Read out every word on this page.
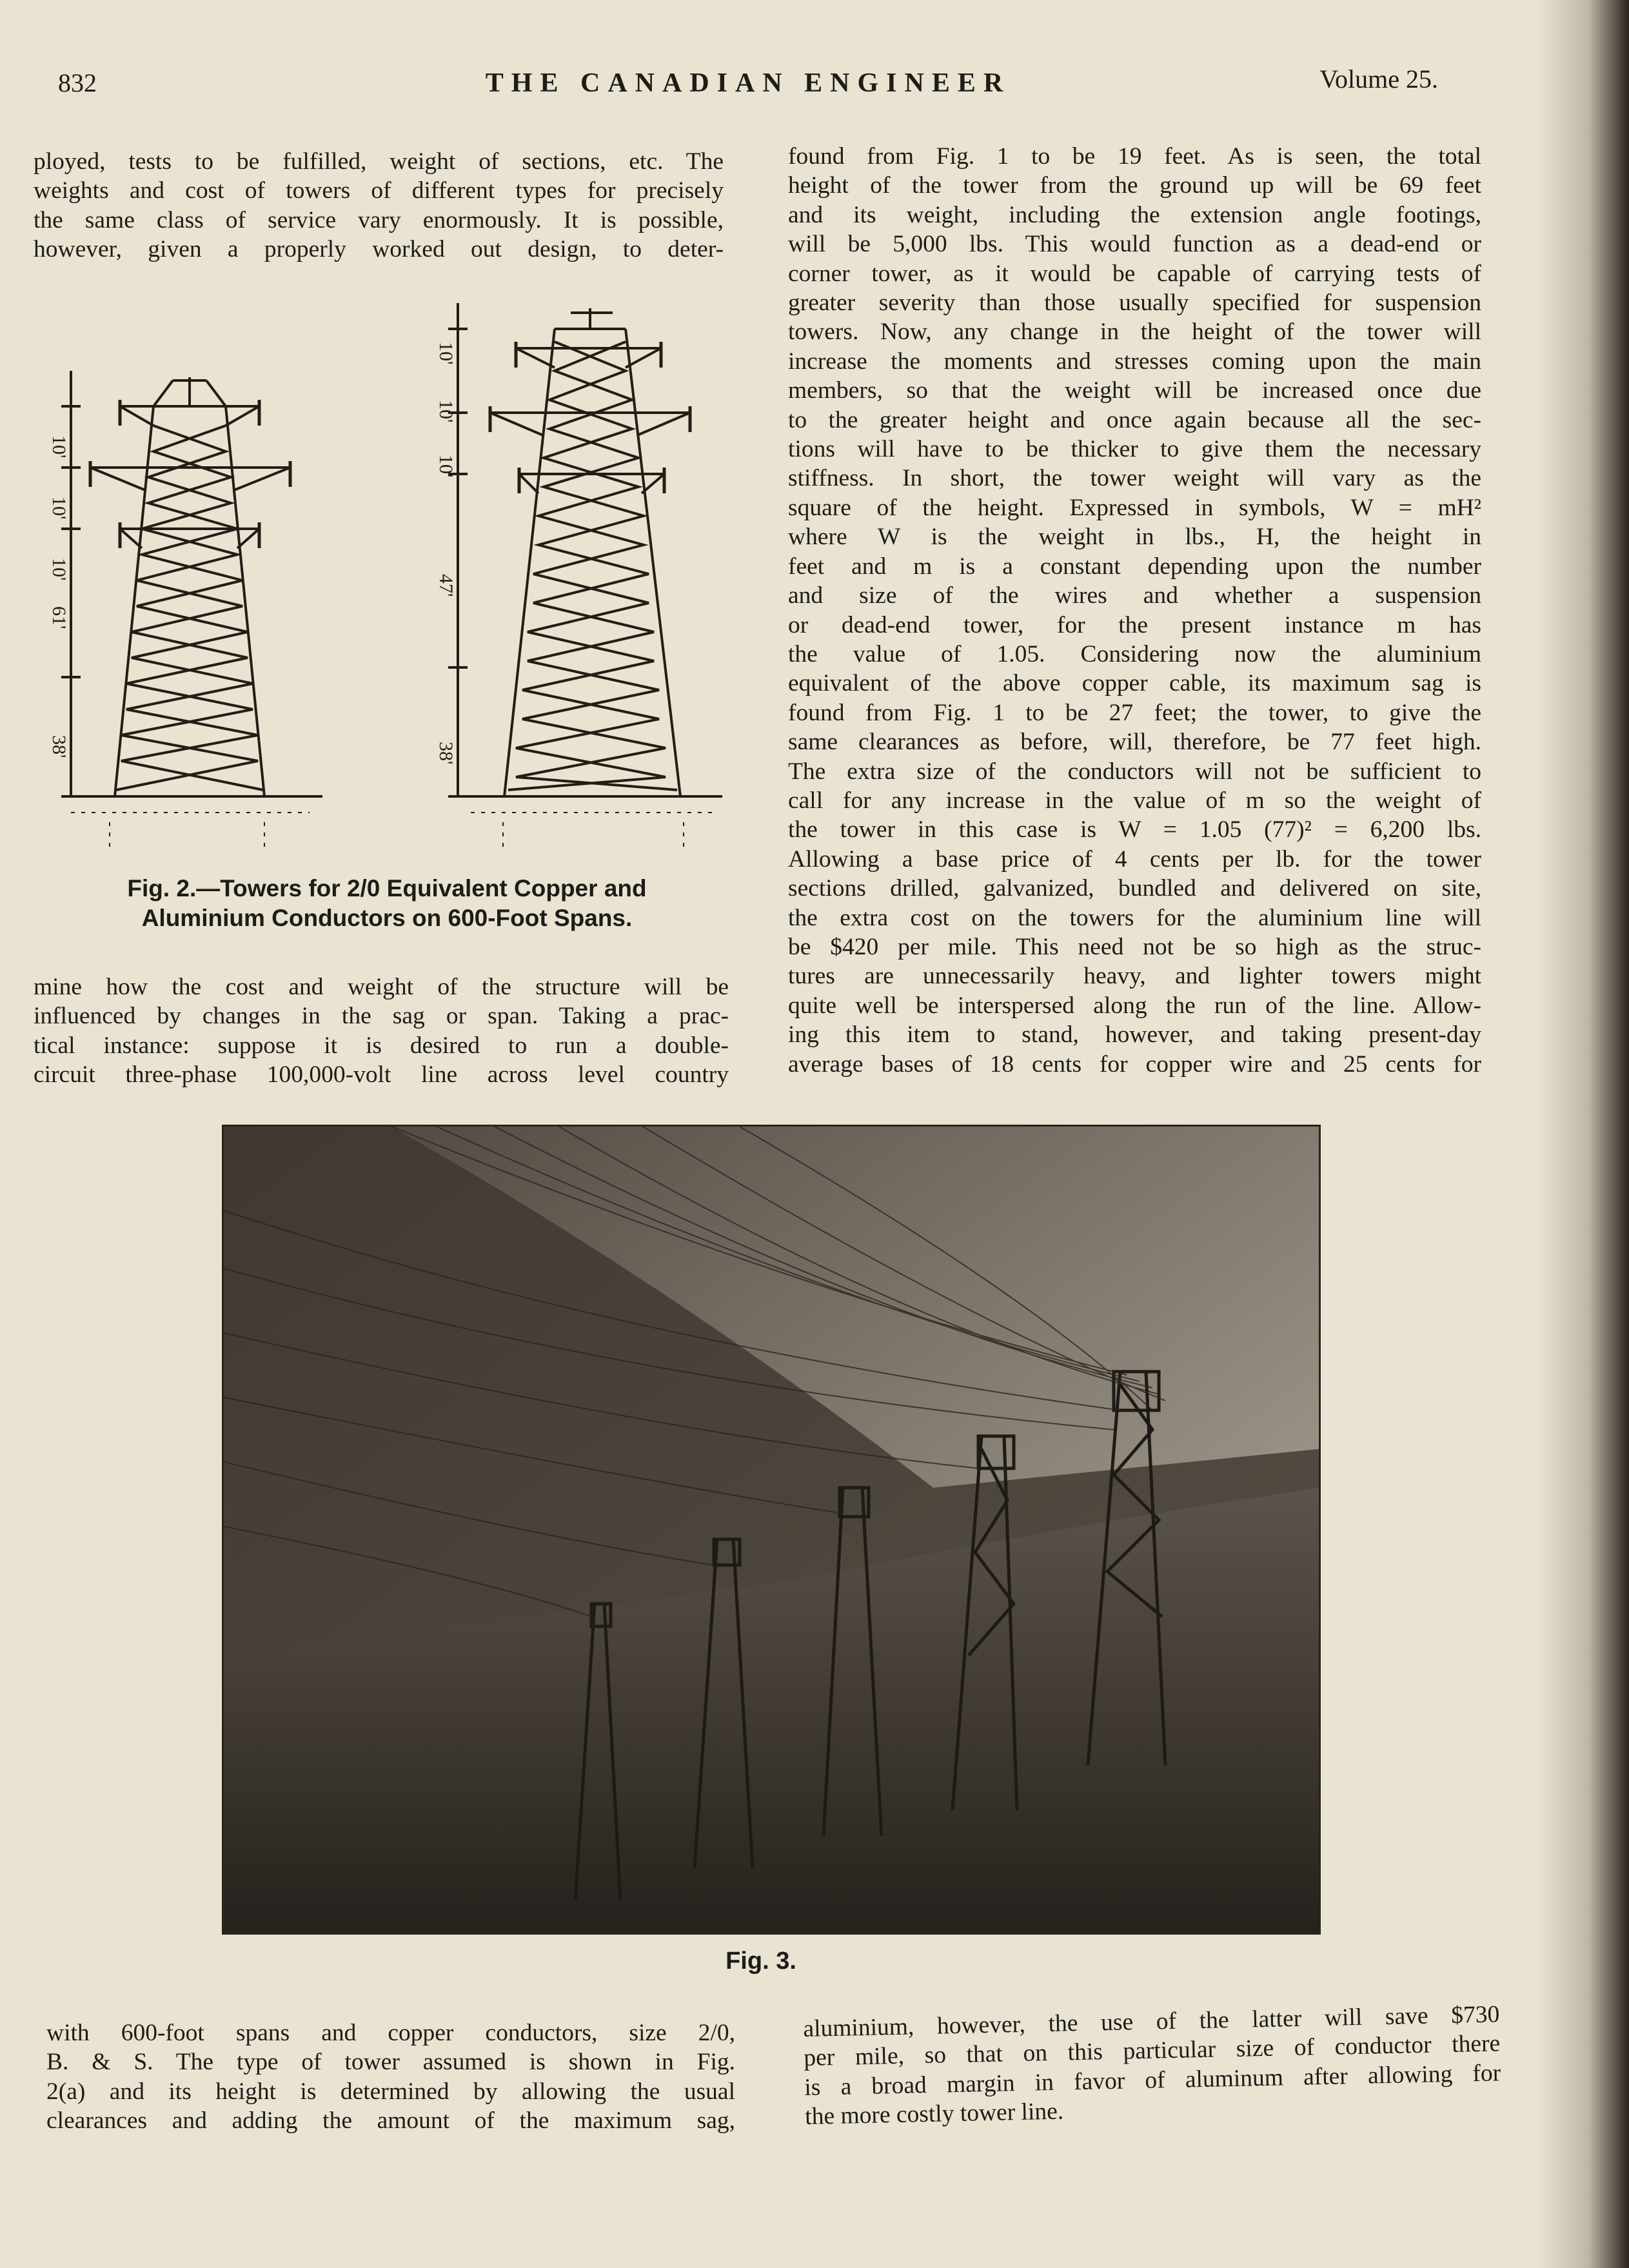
832	THE CANADIAN ENGINEER	Volume 25.
ployed, tests to be fulfilled, weight of sections, etc. The
weights and cost of towers of different types for precisely
the same class of service vary enormously. It is possible,
however, given a properly worked out design, to deter-
10'
10'
10'
61'
38'
10'
10'
10'
47'
38'
Fig. 2.—Towers for 2/0 Equivalent Copper and
Aluminium Conductors on 600-Foot Spans.
mine how the cost and weight of the structure will be
influenced by changes in the sag or span. Taking a prac-
tical instance: suppose it is desired to run a double-
circuit three-phase 100,000-volt line across level country
found from Fig. 1 to be 19 feet. As is seen, the total
height of the tower from the ground up will be 69 feet
and its weight, including the extension angle footings,
will be 5,000 lbs. This would function as a dead-end or
corner tower, as it would be capable of carrying tests of
greater severity than those usually specified for suspension
towers. Now, any change in the height of the tower will
increase the moments and stresses coming upon the main
members, so that the weight will be increased once due
to the greater height and once again because all the sec-
tions will have to be thicker to give them the necessary
stiffness. In short, the tower weight will vary as the
square of the height. Expressed in symbols, W = mH²
where W is the weight in lbs., H, the height in
feet and m is a constant depending upon the number
and size of the wires and whether a suspension
or dead-end tower, for the present instance m has
the value of 1.05. Considering now the aluminium
equivalent of the above copper cable, its maximum sag is
found from Fig. 1 to be 27 feet; the tower, to give the
same clearances as before, will, therefore, be 77 feet high.
The extra size of the conductors will not be sufficient to
call for any increase in the value of m so the weight of
the tower in this case is W = 1.05 (77)² = 6,200 lbs.
Allowing a base price of 4 cents per lb. for the tower
sections drilled, galvanized, bundled and delivered on site,
the extra cost on the towers for the aluminium line will
be $420 per mile. This need not be so high as the struc-
tures are unnecessarily heavy, and lighter towers might
quite well be interspersed along the run of the line. Allow-
ing this item to stand, however, and taking present-day
average bases of 18 cents for copper wire and 25 cents for
Fig. 3.
with 600-foot spans and copper conductors, size 2/0,
B. & S. The type of tower assumed is shown in Fig.
2(a) and its height is determined by allowing the usual
clearances and adding the amount of the maximum sag,
aluminium, however, the use of the latter will save $730
per mile, so that on this particular size of conductor there
is a broad margin in favor of aluminum after allowing for
the more costly tower line.
